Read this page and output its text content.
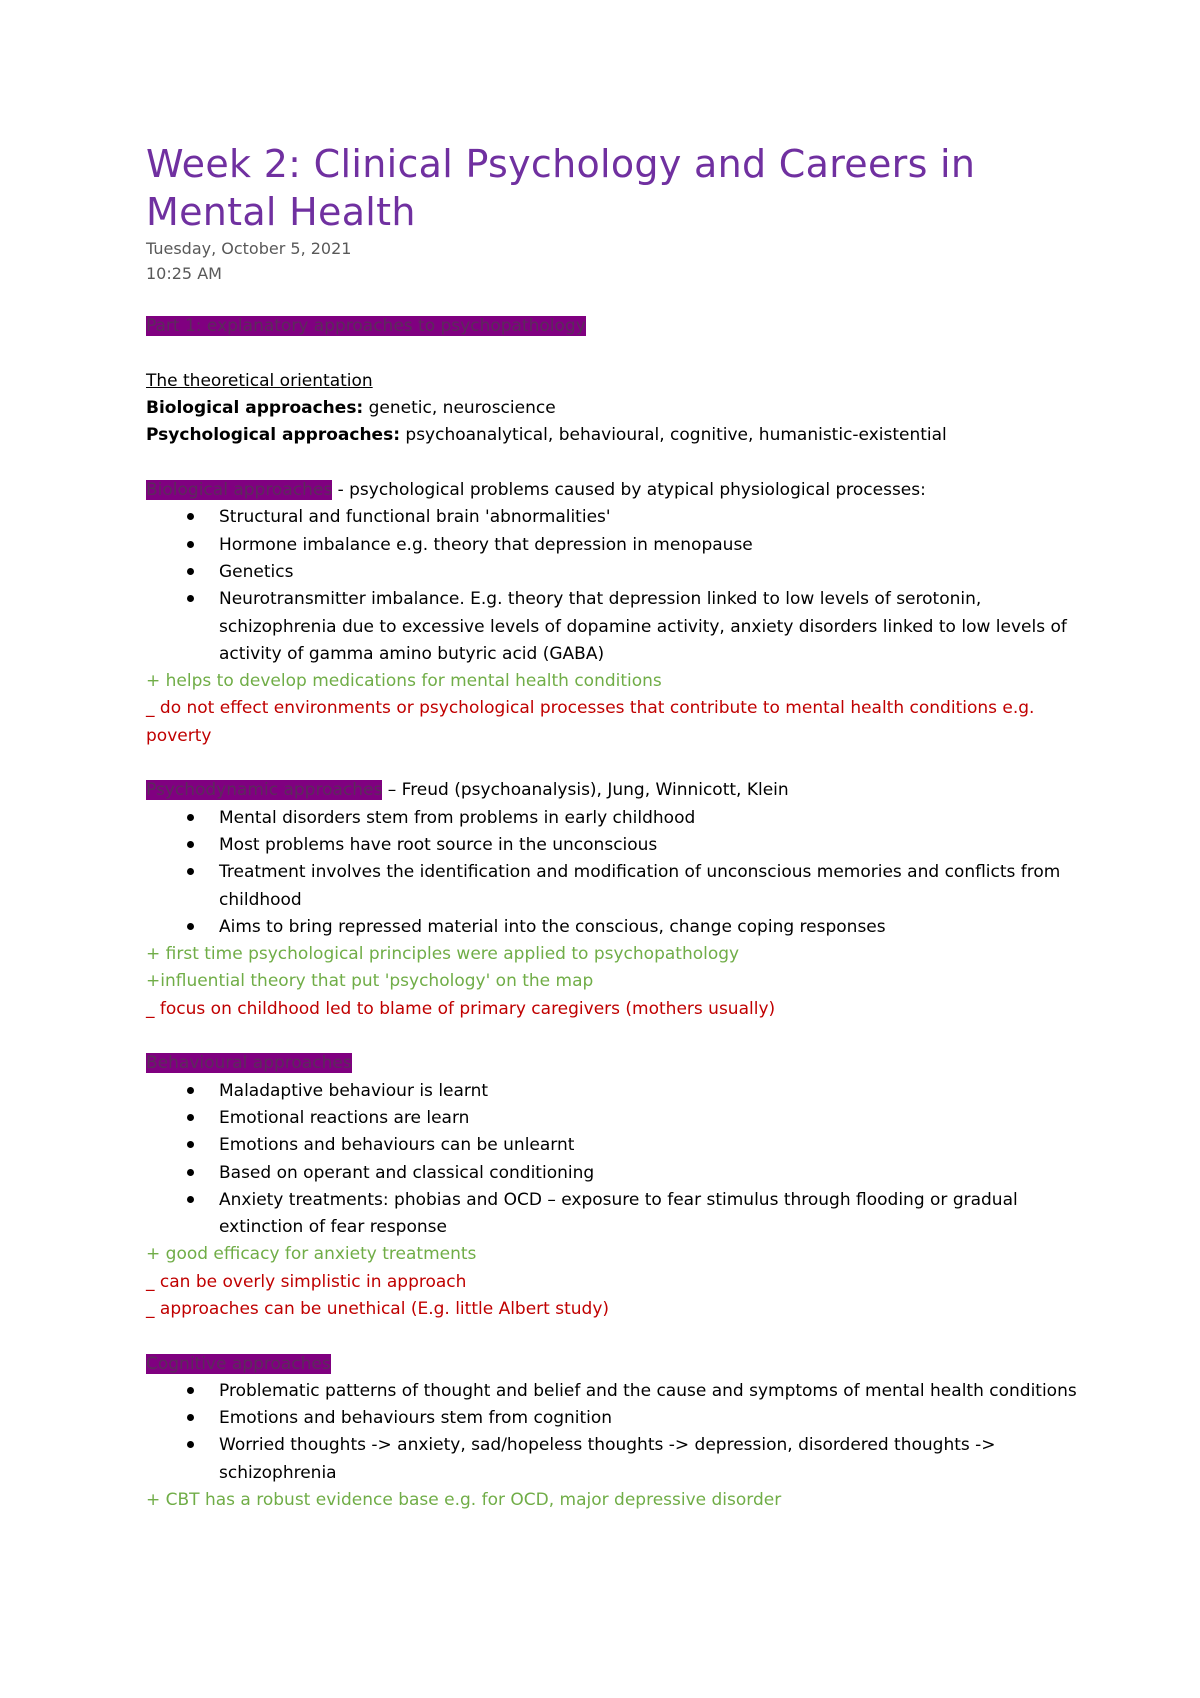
Week 2: Clinical Psychology and Careers in Mental Health
Tuesday, October 5, 2021
10:25 AM

Part 1: explanatory approaches to psychopathology

The theoretical orientation

Biological approaches: genetic, neuroscience

Psychological approaches: psychoanalytical, behavioural, cognitive, humanistic-existential

Biological approaches - psychological problems caused by atypical physiological processes:

Structural and functional brain 'abnormalities'
Hormone imbalance e.g. theory that depression in menopause
Genetics
Neurotransmitter imbalance. E.g. theory that depression linked to low levels of serotonin, schizophrenia due to excessive levels of dopamine activity, anxiety disorders linked to low levels of activity of gamma amino butyric acid (GABA)

+ helps to develop medications for mental health conditions

_ do not effect environments or psychological processes that contribute to mental health conditions e.g. poverty

Psychodynamic approaches – Freud (psychoanalysis), Jung, Winnicott, Klein

Mental disorders stem from problems in early childhood
Most problems have root source in the unconscious
Treatment involves the identification and modification of unconscious memories and conflicts from childhood
Aims to bring repressed material into the conscious, change coping responses

+ first time psychological principles were applied to psychopathology

+influential theory that put 'psychology' on the map

_ focus on childhood led to blame of primary caregivers (mothers usually)

Behavioural approaches

Maladaptive behaviour is learnt
Emotional reactions are learn
Emotions and behaviours can be unlearnt
Based on operant and classical conditioning
Anxiety treatments: phobias and OCD – exposure to fear stimulus through flooding or gradual extinction of fear response

+ good efficacy for anxiety treatments

_ can be overly simplistic in approach

_ approaches can be unethical (E.g. little Albert study)

Cognitive approaches

Problematic patterns of thought and belief and the cause and symptoms of mental health conditions
Emotions and behaviours stem from cognition
Worried thoughts -> anxiety, sad/hopeless thoughts -> depression, disordered thoughts -> schizophrenia

+ CBT has a robust evidence base e.g. for OCD, major depressive disorder
